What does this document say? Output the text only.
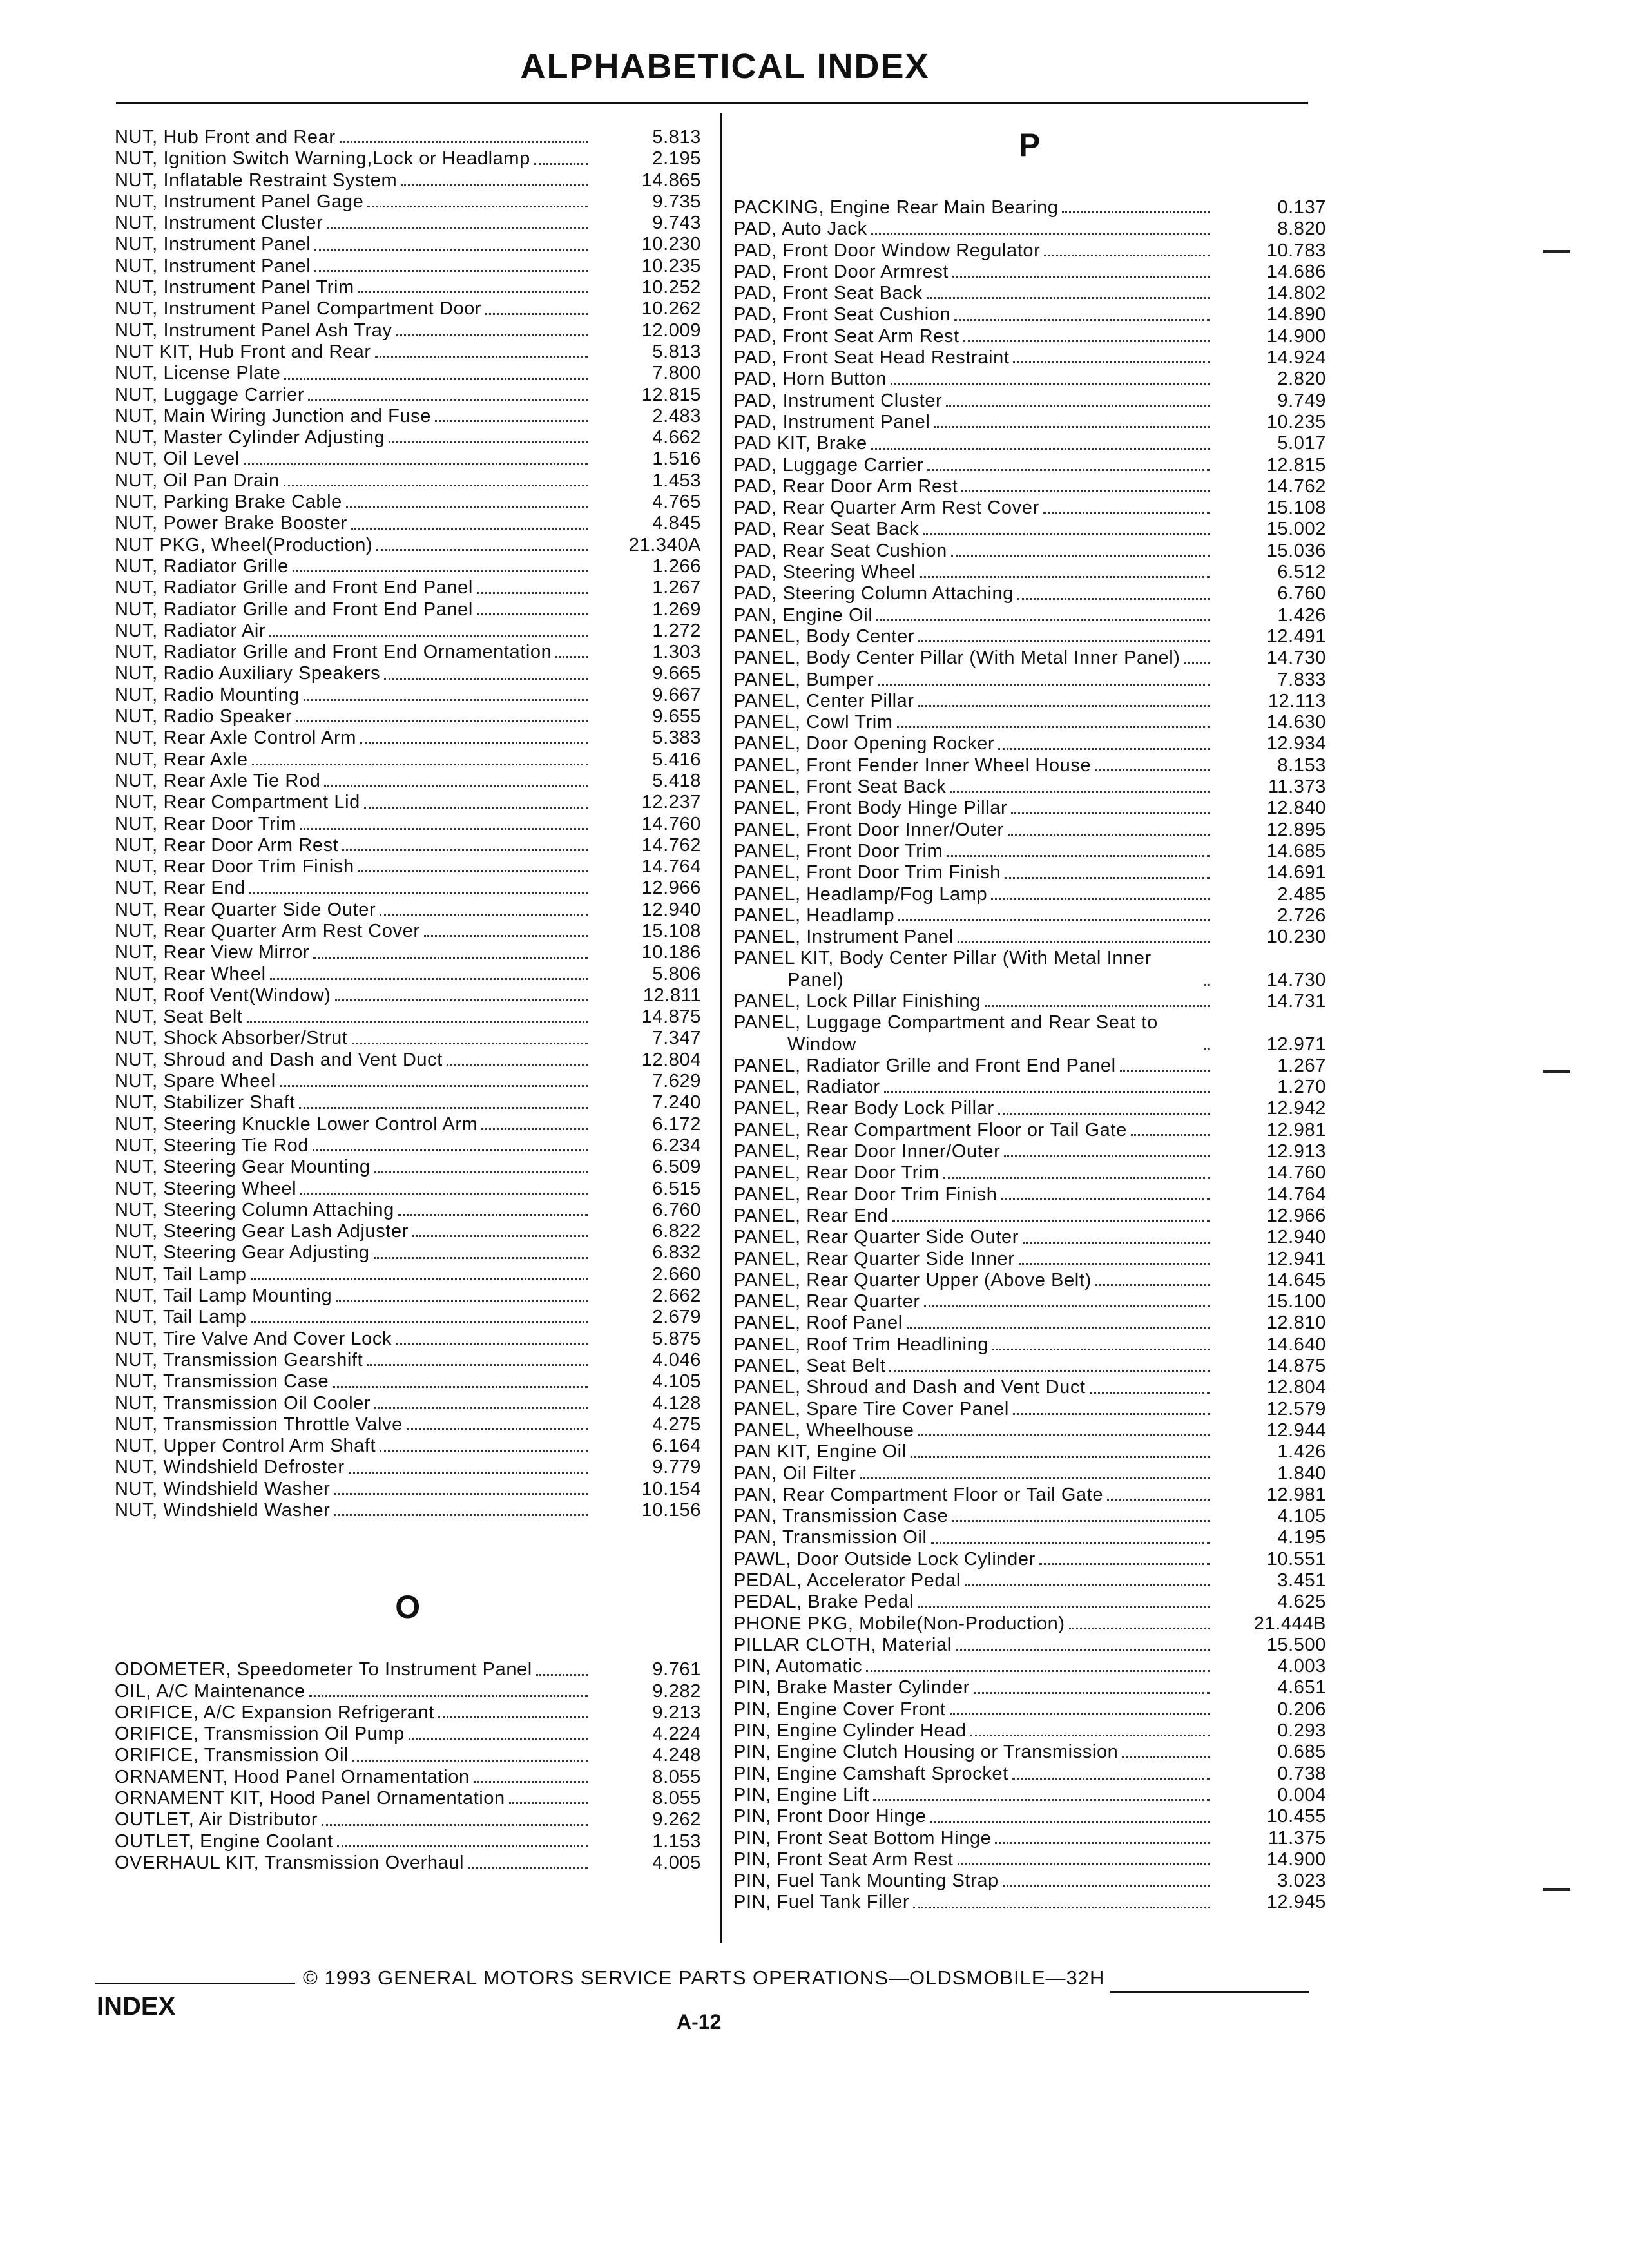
ALPHABETICAL INDEX
NUT, Hub Front and Rear	5.813
NUT, Ignition Switch Warning,Lock or Headlamp	2.195
NUT, Inflatable Restraint System	14.865
NUT, Instrument Panel Gage	9.735
NUT, Instrument Cluster	9.743
NUT, Instrument Panel	10.230
NUT, Instrument Panel	10.235
NUT, Instrument Panel Trim	10.252
NUT, Instrument Panel Compartment Door	10.262
NUT, Instrument Panel Ash Tray	12.009
NUT KIT, Hub Front and Rear	5.813
NUT, License Plate	7.800
NUT, Luggage Carrier	12.815
NUT, Main Wiring Junction and Fuse	2.483
NUT, Master Cylinder Adjusting	4.662
NUT, Oil Level	1.516
NUT, Oil Pan Drain	1.453
NUT, Parking Brake Cable	4.765
NUT, Power Brake Booster	4.845
NUT PKG, Wheel(Production)	21.340A
NUT, Radiator Grille	1.266
NUT, Radiator Grille and Front End Panel	1.267
NUT, Radiator Grille and Front End Panel	1.269
NUT, Radiator Air	1.272
NUT, Radiator Grille and Front End Ornamentation	1.303
NUT, Radio Auxiliary Speakers	9.665
NUT, Radio Mounting	9.667
NUT, Radio Speaker	9.655
NUT, Rear Axle Control Arm	5.383
NUT, Rear Axle	5.416
NUT, Rear Axle Tie Rod	5.418
NUT, Rear Compartment Lid	12.237
NUT, Rear Door Trim	14.760
NUT, Rear Door Arm Rest	14.762
NUT, Rear Door Trim Finish	14.764
NUT, Rear End	12.966
NUT, Rear Quarter Side Outer	12.940
NUT, Rear Quarter Arm Rest Cover	15.108
NUT, Rear View Mirror	10.186
NUT, Rear Wheel	5.806
NUT, Roof Vent(Window)	12.811
NUT, Seat Belt	14.875
NUT, Shock Absorber/Strut	7.347
NUT, Shroud and Dash and Vent Duct	12.804
NUT, Spare Wheel	7.629
NUT, Stabilizer Shaft	7.240
NUT, Steering Knuckle Lower Control Arm	6.172
NUT, Steering Tie Rod	6.234
NUT, Steering Gear Mounting	6.509
NUT, Steering Wheel	6.515
NUT, Steering Column Attaching	6.760
NUT, Steering Gear Lash Adjuster	6.822
NUT, Steering Gear Adjusting	6.832
NUT, Tail Lamp	2.660
NUT, Tail Lamp Mounting	2.662
NUT, Tail Lamp	2.679
NUT, Tire Valve And Cover Lock	5.875
NUT, Transmission Gearshift	4.046
NUT, Transmission Case	4.105
NUT, Transmission Oil Cooler	4.128
NUT, Transmission Throttle Valve	4.275
NUT, Upper Control Arm Shaft	6.164
NUT, Windshield Defroster	9.779
NUT, Windshield Washer	10.154
NUT, Windshield Washer	10.156
O
ODOMETER, Speedometer To Instrument Panel	9.761
OIL, A/C Maintenance	9.282
ORIFICE, A/C Expansion Refrigerant	9.213
ORIFICE, Transmission Oil Pump	4.224
ORIFICE, Transmission Oil	4.248
ORNAMENT, Hood Panel Ornamentation	8.055
ORNAMENT KIT, Hood Panel Ornamentation	8.055
OUTLET, Air Distributor	9.262
OUTLET, Engine Coolant	1.153
OVERHAUL KIT, Transmission Overhaul	4.005
P
PACKING, Engine Rear Main Bearing	0.137
PAD, Auto Jack	8.820
PAD, Front Door Window Regulator	10.783
PAD, Front Door Armrest	14.686
PAD, Front Seat Back	14.802
PAD, Front Seat Cushion	14.890
PAD, Front Seat Arm Rest	14.900
PAD, Front Seat Head Restraint	14.924
PAD, Horn Button	2.820
PAD, Instrument Cluster	9.749
PAD, Instrument Panel	10.235
PAD KIT, Brake	5.017
PAD, Luggage Carrier	12.815
PAD, Rear Door Arm Rest	14.762
PAD, Rear Quarter Arm Rest Cover	15.108
PAD, Rear Seat Back	15.002
PAD, Rear Seat Cushion	15.036
PAD, Steering Wheel	6.512
PAD, Steering Column Attaching	6.760
PAN, Engine Oil	1.426
PANEL, Body Center	12.491
PANEL, Body Center Pillar (With Metal Inner Panel)	14.730
PANEL, Bumper	7.833
PANEL, Center Pillar	12.113
PANEL, Cowl Trim	14.630
PANEL, Door Opening Rocker	12.934
PANEL, Front Fender Inner Wheel House	8.153
PANEL, Front Seat Back	11.373
PANEL, Front Body Hinge Pillar	12.840
PANEL, Front Door Inner/Outer	12.895
PANEL, Front Door Trim	14.685
PANEL, Front Door Trim Finish	14.691
PANEL, Headlamp/Fog Lamp	2.485
PANEL, Headlamp	2.726
PANEL, Instrument Panel	10.230
PANEL KIT, Body Center Pillar (With Metal Inner Panel)	14.730
PANEL, Lock Pillar Finishing	14.731
PANEL, Luggage Compartment and Rear Seat to Window	12.971
PANEL, Radiator Grille and Front End Panel	1.267
PANEL, Radiator	1.270
PANEL, Rear Body Lock Pillar	12.942
PANEL, Rear Compartment Floor or Tail Gate	12.981
PANEL, Rear Door Inner/Outer	12.913
PANEL, Rear Door Trim	14.760
PANEL, Rear Door Trim Finish	14.764
PANEL, Rear End	12.966
PANEL, Rear Quarter Side Outer	12.940
PANEL, Rear Quarter Side Inner	12.941
PANEL, Rear Quarter Upper (Above Belt)	14.645
PANEL, Rear Quarter	15.100
PANEL, Roof Panel	12.810
PANEL, Roof Trim Headlining	14.640
PANEL, Seat Belt	14.875
PANEL, Shroud and Dash and Vent Duct	12.804
PANEL, Spare Tire Cover Panel	12.579
PANEL, Wheelhouse	12.944
PAN KIT, Engine Oil	1.426
PAN, Oil Filter	1.840
PAN, Rear Compartment Floor or Tail Gate	12.981
PAN, Transmission Case	4.105
PAN, Transmission Oil	4.195
PAWL, Door Outside Lock Cylinder	10.551
PEDAL, Accelerator Pedal	3.451
PEDAL, Brake Pedal	4.625
PHONE PKG, Mobile(Non-Production)	21.444B
PILLAR CLOTH, Material	15.500
PIN, Automatic	4.003
PIN, Brake Master Cylinder	4.651
PIN, Engine Cover Front	0.206
PIN, Engine Cylinder Head	0.293
PIN, Engine Clutch Housing or Transmission	0.685
PIN, Engine Camshaft Sprocket	0.738
PIN, Engine Lift	0.004
PIN, Front Door Hinge	10.455
PIN, Front Seat Bottom Hinge	11.375
PIN, Front Seat Arm Rest	14.900
PIN, Fuel Tank Mounting Strap	3.023
PIN, Fuel Tank Filler	12.945
© 1993 GENERAL MOTORS SERVICE PARTS OPERATIONS—OLDSMOBILE—32H
INDEX
A-12
